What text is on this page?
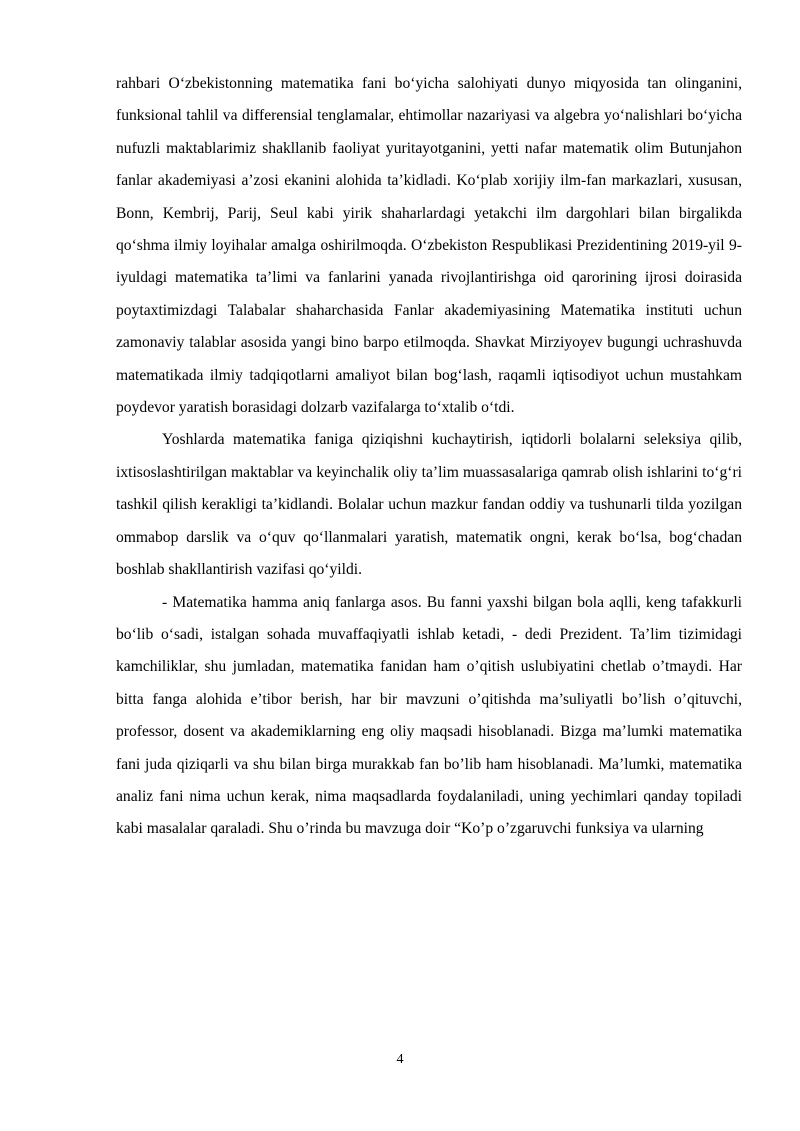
rahbari O‘zbekistonning matematika fani bo‘yicha salohiyati dunyo miqyosida tan olinganini, funksional tahlil va differensial tenglamalar, ehtimollar nazariyasi va algebra yo‘nalishlari bo‘yicha nufuzli maktablarimiz shakllanib faoliyat yuritayotganini, yetti nafar matematik olim Butunjahon fanlar akademiyasi a’zosi ekanini alohida ta’kidladi. Ko‘plab xorijiy ilm-fan markazlari, xususan, Bonn, Kembrij, Parij, Seul kabi yirik shaharlardagi yetakchi ilm dargohlari bilan birgalikda qo‘shma ilmiy loyihalar amalga oshirilmoqda. O‘zbekiston Respublikasi Prezidentining 2019-yil 9-iyuldagi matematika ta’limi va fanlarini yanada rivojlantirishga oid qarorining ijrosi doirasida poytaxtimizdagi Talabalar shaharchasida Fanlar akademiyasining Matematika instituti uchun zamonaviy talablar asosida yangi bino barpo etilmoqda. Shavkat Mirziyoyev bugungi uchrashuvda matematikada ilmiy tadqiqotlarni amaliyot bilan bog‘lash, raqamli iqtisodiyot uchun mustahkam poydevor yaratish borasidagi dolzarb vazifalarga to‘xtalib o‘tdi.

Yoshlarda matematika faniga qiziqishni kuchaytirish, iqtidorli bolalarni seleksiya qilib, ixtisoslashtirilgan maktablar va keyinchalik oliy ta’lim muassasalariga qamrab olish ishlarini to‘g‘ri tashkil qilish kerakligi ta’kidlandi. Bolalar uchun mazkur fandan oddiy va tushunarli tilda yozilgan ommabop darslik va o‘quv qo‘llanmalari yaratish, matematik ongni, kerak bo‘lsa, bog‘chadan boshlab shakllantirish vazifasi qo‘yildi.

- Matematika hamma aniq fanlarga asos. Bu fanni yaxshi bilgan bola aqlli, keng tafakkurli bo‘lib o‘sadi, istalgan sohada muvaffaqiyatli ishlab ketadi, - dedi Prezident. Ta’lim tizimidagi kamchiliklar, shu jumladan, matematika fanidan ham o’qitish uslubiyatini chetlab o’tmaydi. Har bitta fanga alohida e’tibor berish, har bir mavzuni o’qitishda ma’suliyatli bo’lish o’qituvchi, professor, dosent va akademiklarning eng oliy maqsadi hisoblanadi. Bizga ma’lumki matematika fani juda qiziqarli va shu bilan birga murakkab fan bo’lib ham hisoblanadi. Ma’lumki, matematika analiz fani nima uchun kerak, nima maqsadlarda foydalaniladi, uning yechimlari qanday topiladi kabi masalalar qaraladi. Shu o’rinda bu mavzuga doir “Ko’p o’zgaruvchi funksiya va ularning

4
